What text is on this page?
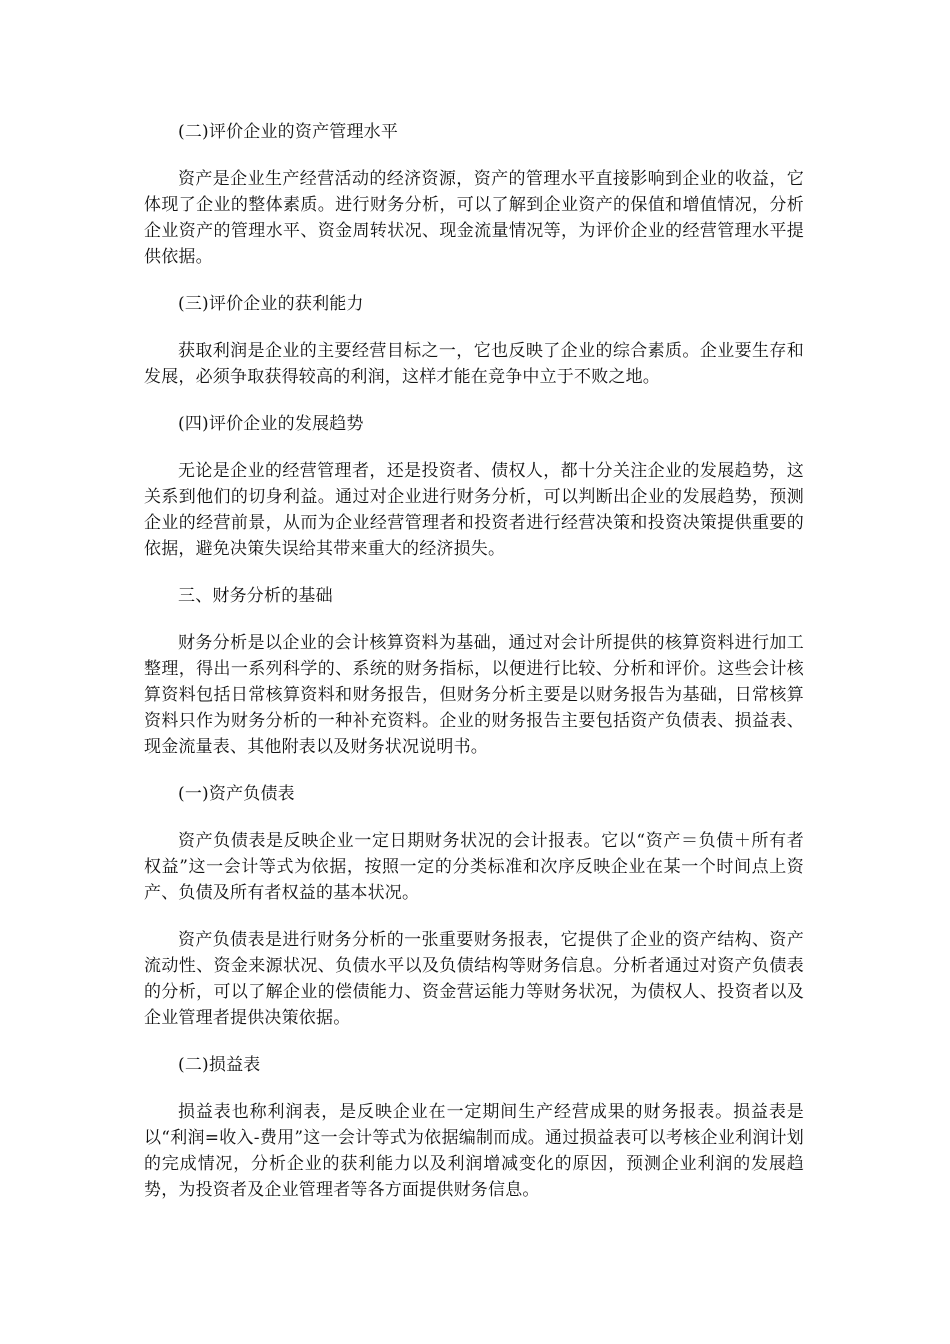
(二)评价企业的资产管理水平

资产是企业生产经营活动的经济资源，资产的管理水平直接影响到企业的收益，它体现了企业的整体素质。进行财务分析，可以了解到企业资产的保值和增值情况，分析企业资产的管理水平、资金周转状况、现金流量情况等，为评价企业的经营管理水平提供依据。

(三)评价企业的获利能力

获取利润是企业的主要经营目标之一，它也反映了企业的综合素质。企业要生存和发展，必须争取获得较高的利润，这样才能在竞争中立于不败之地。

(四)评价企业的发展趋势

无论是企业的经营管理者，还是投资者、债权人，都十分关注企业的发展趋势，这关系到他们的切身利益。通过对企业进行财务分析，可以判断出企业的发展趋势，预测企业的经营前景，从而为企业经营管理者和投资者进行经营决策和投资决策提供重要的依据，避免决策失误给其带来重大的经济损失。

三、财务分析的基础

财务分析是以企业的会计核算资料为基础，通过对会计所提供的核算资料进行加工整理，得出一系列科学的、系统的财务指标，以便进行比较、分析和评价。这些会计核算资料包括日常核算资料和财务报告，但财务分析主要是以财务报告为基础，日常核算资料只作为财务分析的一种补充资料。企业的财务报告主要包括资产负债表、损益表、现金流量表、其他附表以及财务状况说明书。

(一)资产负债表

资产负债表是反映企业一定日期财务状况的会计报表。它以“资产＝负债＋所有者权益”这一会计等式为依据，按照一定的分类标准和次序反映企业在某一个时间点上资产、负债及所有者权益的基本状况。

资产负债表是进行财务分析的一张重要财务报表，它提供了企业的资产结构、资产流动性、资金来源状况、负债水平以及负债结构等财务信息。分析者通过对资产负债表的分析，可以了解企业的偿债能力、资金营运能力等财务状况，为债权人、投资者以及企业管理者提供决策依据。

(二)损益表

损益表也称利润表，是反映企业在一定期间生产经营成果的财务报表。损益表是以“利润=收入-费用”这一会计等式为依据编制而成。通过损益表可以考核企业利润计划的完成情况，分析企业的获利能力以及利润增减变化的原因，预测企业利润的发展趋势，为投资者及企业管理者等各方面提供财务信息。
